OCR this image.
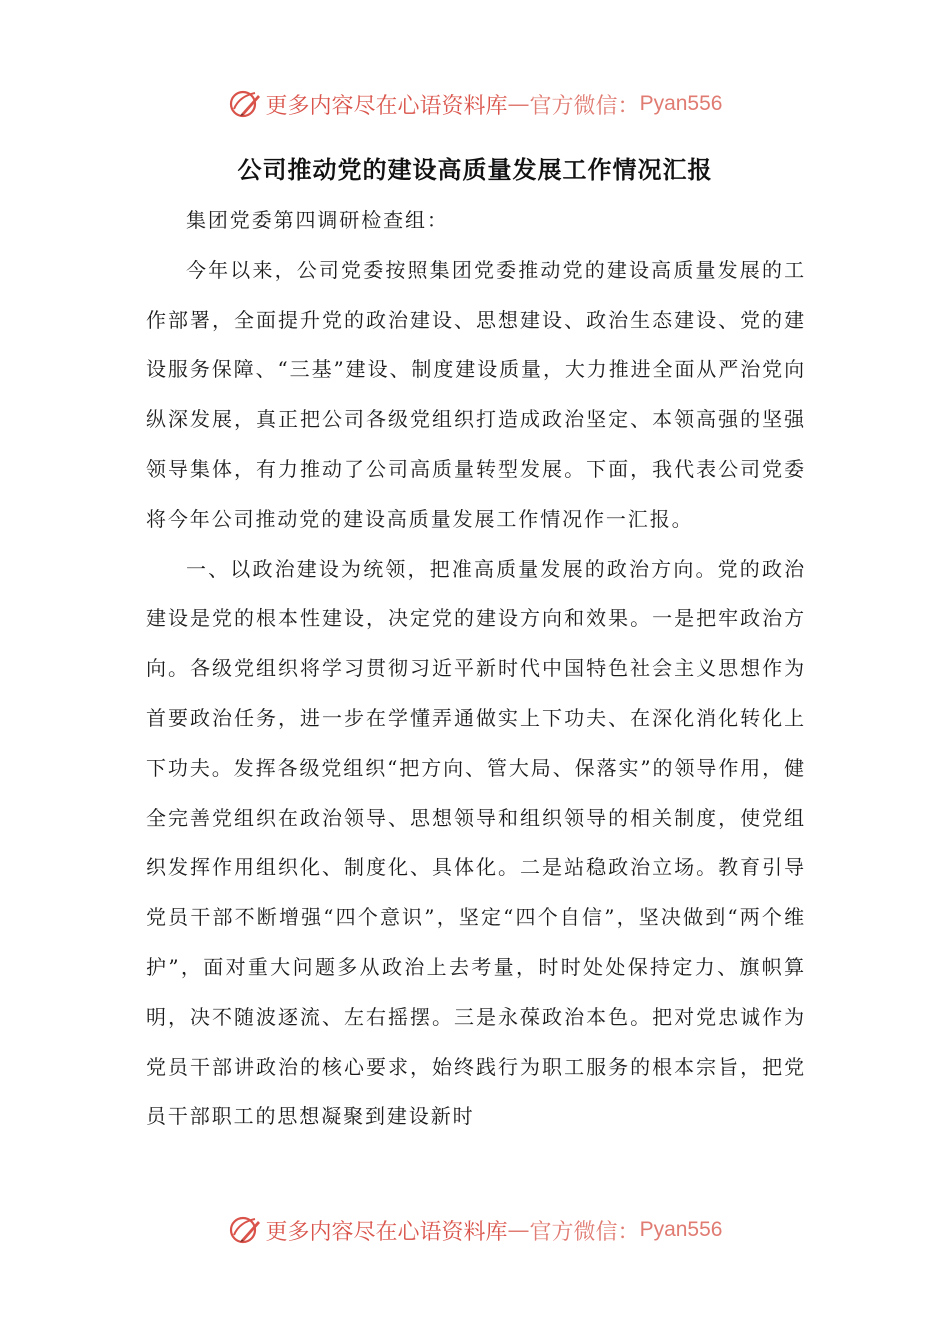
更多内容尽在心语资料库 — 官方微信： Pyan556
公司推动党的建设高质量发展工作情况汇报

集团党委第四调研检查组：

今年以来，公司党委按照集团党委推动党的建设高质量发展的工作部署，全面提升党的政治建设、思想建设、政治生态建设、党的建设服务保障、“三基”建设、制度建设质量，大力推进全面从严治党向纵深发展，真正把公司各级党组织打造成政治坚定、本领高强的坚强领导集体，有力推动了公司高质量转型发展。下面，我代表公司党委将今年公司推动党的建设高质量发展工作情况作一汇报。

一、以政治建设为统领，把准高质量发展的政治方向。党的政治建设是党的根本性建设，决定党的建设方向和效果。一是把牢政治方向。各级党组织将学习贯彻习近平新时代中国特色社会主义思想作为首要政治任务，进一步在学懂弄通做实上下功夫、在深化消化转化上下功夫。发挥各级党组织“把方向、管大局、保落实”的领导作用，健全完善党组织在政治领导、思想领导和组织领导的相关制度，使党组织发挥作用组织化、制度化、具体化。二是站稳政治立场。教育引导党员干部不断增强“四个意识”，坚定“四个自信”，坚决做到“两个维护”，面对重大问题多从政治上去考量，时时处处保持定力、旗帜算明，决不随波逐流、左右摇摆。三是永葆政治本色。把对党忠诚作为党员干部讲政治的核心要求，始终践行为职工服务的根本宗旨，把党员干部职工的思想凝聚到建设新时

更多内容尽在心语资料库 — 官方微信： Pyan556
